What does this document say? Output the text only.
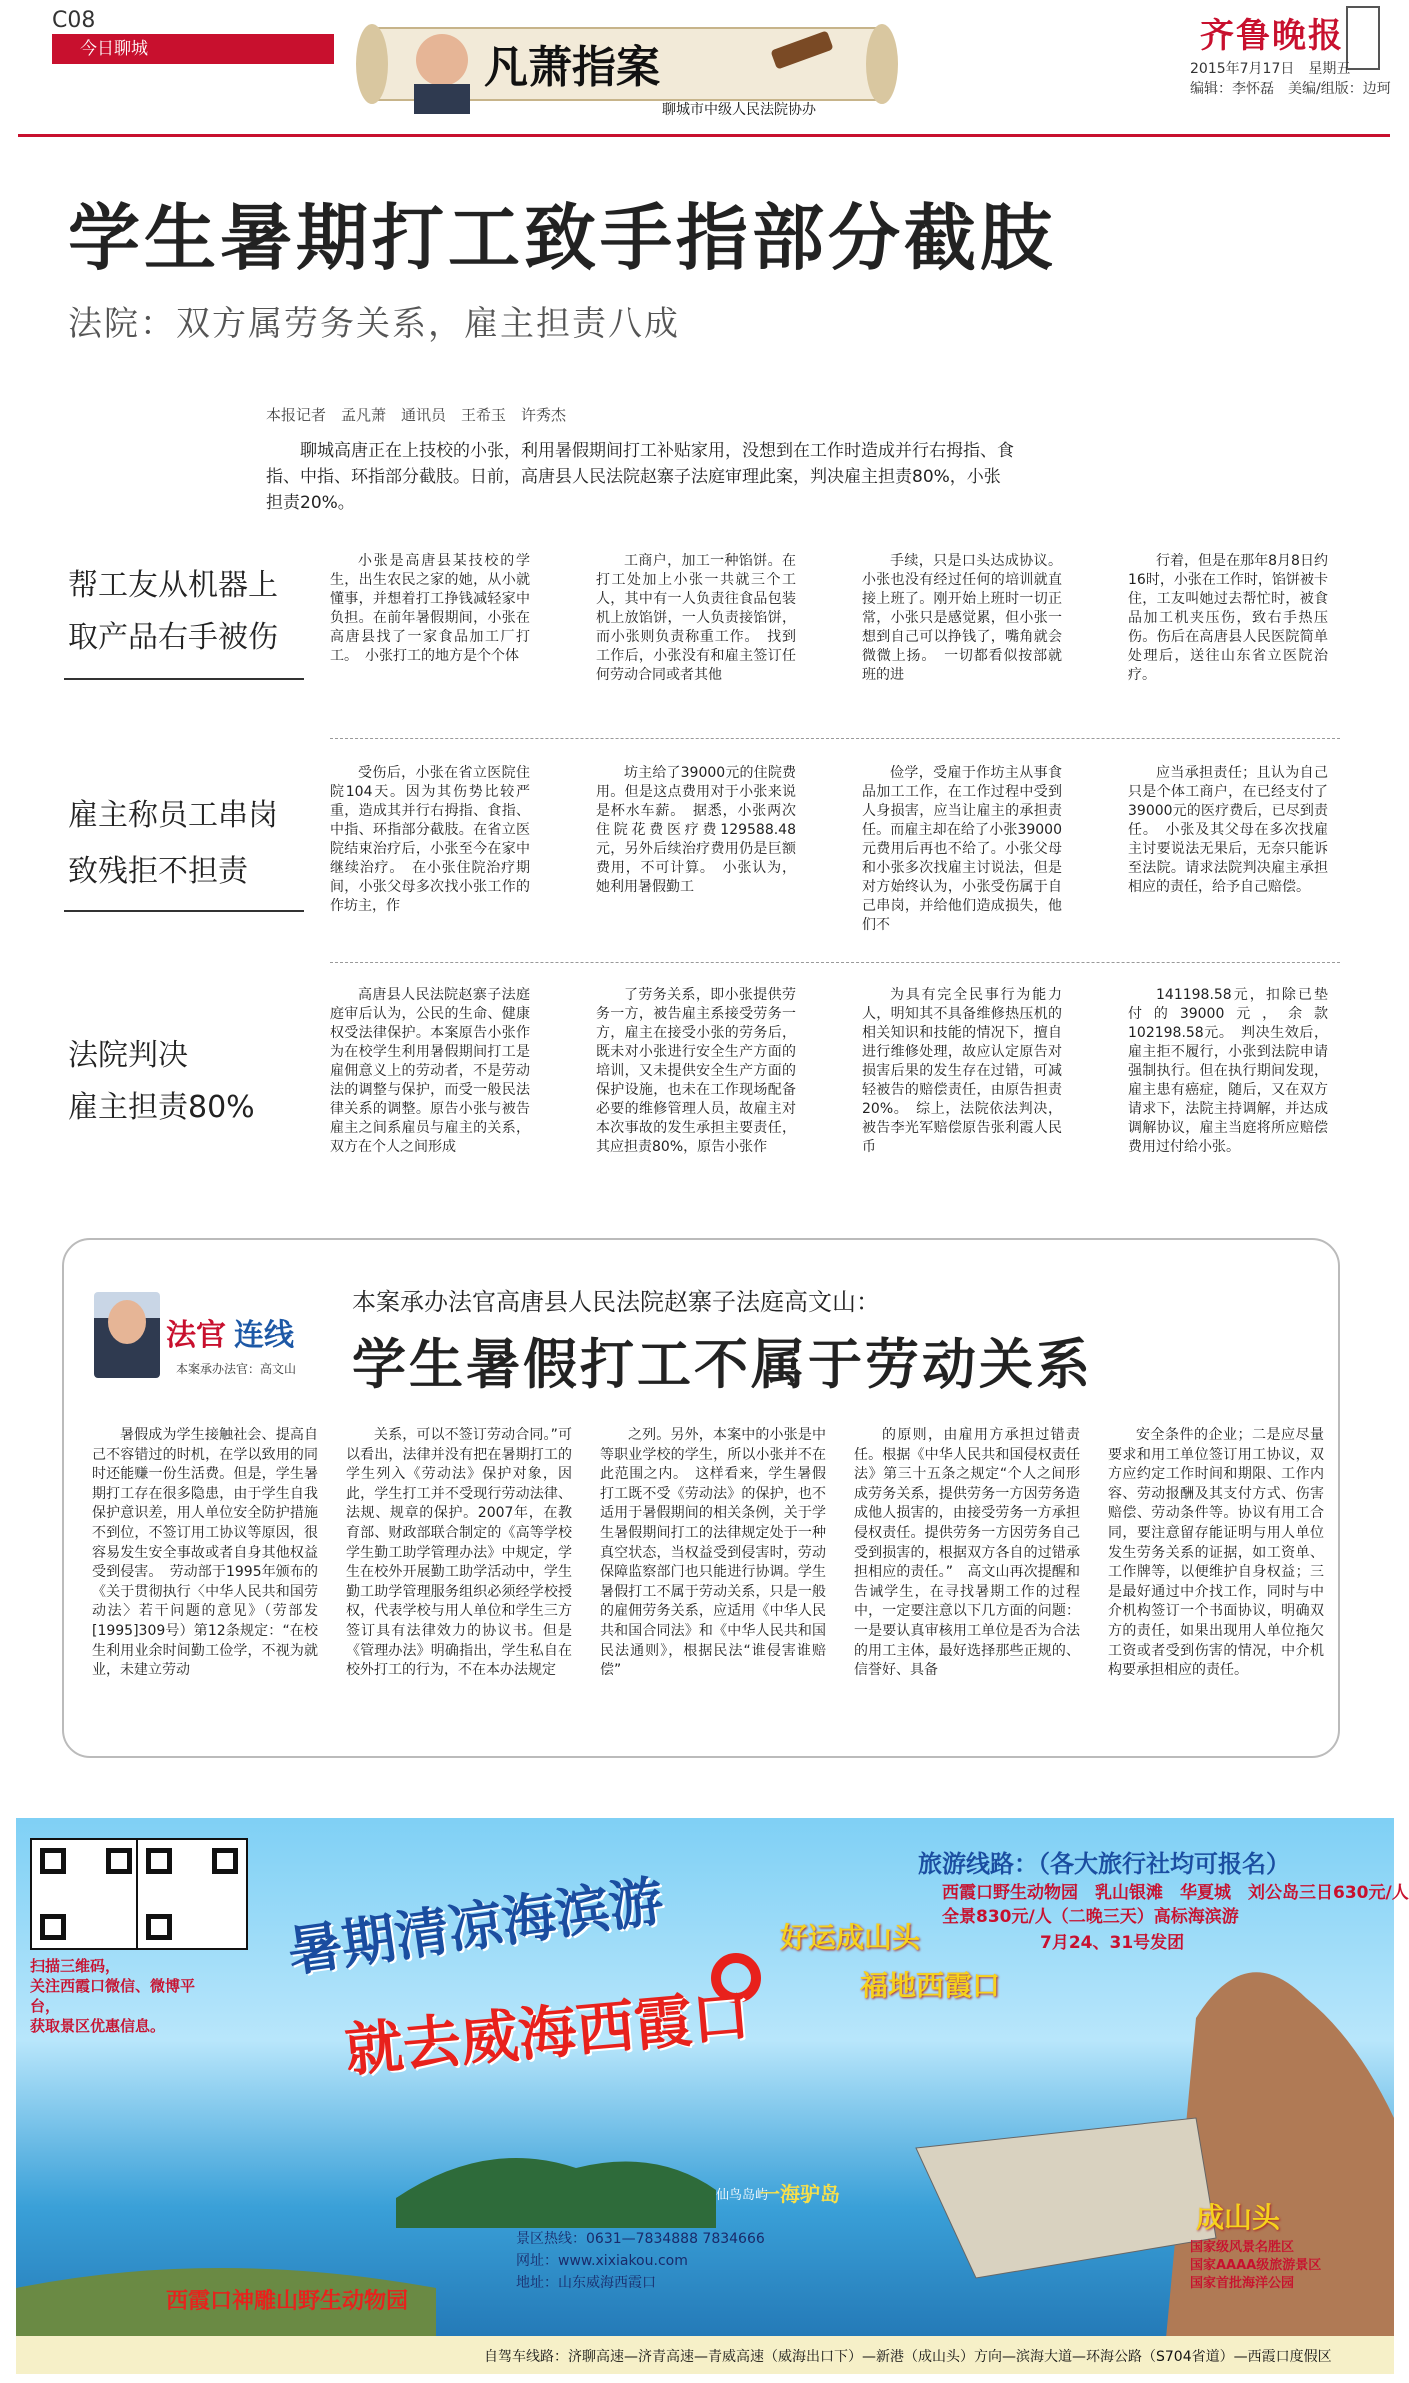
C08
今日聊城	凡萧指案
聊城市中级人民法院协办
齐鲁晚报
2015年7月17日　星期五
编辑：李怀磊　美编/组版：边珂
学生暑期打工致手指部分截肢
法院：双方属劳务关系，雇主担责八成
本报记者　孟凡萧　通讯员　王希玉　许秀杰
聊城高唐正在上技校的小张，利用暑假期间打工补贴家用，没想到在工作时造成并行右拇指、食指、中指、环指部分截肢。日前，高唐县人民法院赵寨子法庭审理此案，判决雇主担责80%，小张担责20%。
帮工友从机器上
取产品右手被伤

小张是高唐县某技校的学生，出生农民之家的她，从小就懂事，并想着打工挣钱减轻家中负担。在前年暑假期间，小张在高唐县找了一家食品加工厂打工。　小张打工的地方是个个体

工商户，加工一种馅饼。在打工处加上小张一共就三个工人，其中有一人负责往食品包装机上放馅饼，一人负责接馅饼，而小张则负责称重工作。　找到工作后，小张没有和雇主签订任何劳动合同或者其他

手续，只是口头达成协议。小张也没有经过任何的培训就直接上班了。刚开始上班时一切正常，小张只是感觉累，但小张一想到自己可以挣钱了，嘴角就会微微上扬。　一切都看似按部就班的进

行着，但是在那年8月8日约16时，小张在工作时，馅饼被卡住，工友叫她过去帮忙时，被食品加工机夹压伤，致右手热压伤。伤后在高唐县人民医院简单处理后，送往山东省立医院治疗。

雇主称员工串岗
致残拒不担责

受伤后，小张在省立医院住院104天。因为其伤势比较严重，造成其并行右拇指、食指、中指、环指部分截肢。在省立医院结束治疗后，小张至今在家中继续治疗。　在小张住院治疗期间，小张父母多次找小张工作的作坊主，作

坊主给了39000元的住院费用。但是这点费用对于小张来说是杯水车薪。　据悉，小张两次住院花费医疗费129588.48元，另外后续治疗费用仍是巨额费用，不可计算。　小张认为，她利用暑假勤工

俭学，受雇于作坊主从事食品加工工作，在工作过程中受到人身损害，应当让雇主的承担责任。而雇主却在给了小张39000元费用后再也不给了。小张父母和小张多次找雇主讨说法，但是对方始终认为，小张受伤属于自己串岗，并给他们造成损失，他们不

应当承担责任；且认为自己只是个体工商户，在已经支付了39000元的医疗费后，已尽到责任。　小张及其父母在多次找雇主讨要说法无果后，无奈只能诉至法院。请求法院判决雇主承担相应的责任，给予自己赔偿。

法院判决
雇主担责80%

高唐县人民法院赵寨子法庭庭审后认为，公民的生命、健康权受法律保护。本案原告小张作为在校学生利用暑假期间打工是雇佣意义上的劳动者，不是劳动法的调整与保护，而受一般民法律关系的调整。原告小张与被告雇主之间系雇员与雇主的关系，双方在个人之间形成

了劳务关系，即小张提供劳务一方，被告雇主系接受劳务一方，雇主在接受小张的劳务后，既未对小张进行安全生产方面的培训，又未提供安全生产方面的保护设施，也未在工作现场配备必要的维修管理人员，故雇主对本次事故的发生承担主要责任，其应担责80%，原告小张作

为具有完全民事行为能力人，明知其不具备维修热压机的相关知识和技能的情况下，擅自进行维修处理，故应认定原告对损害后果的发生存在过错，可减轻被告的赔偿责任，由原告担责20%。　综上，法院依法判决，被告李光军赔偿原告张利霞人民币

141198.58元，扣除已垫付的39000元，余款102198.58元。　判决生效后，雇主拒不履行，小张到法院申请强制执行。但在执行期间发现，雇主患有癌症，随后，又在双方请求下，法院主持调解，并达成调解协议，雇主当庭将所应赔偿费用过付给小张。

法官 连线
本案承办法官：高文山
本案承办法官高唐县人民法院赵寨子法庭高文山：
学生暑假打工不属于劳动关系

暑假成为学生接触社会、提高自己不容错过的时机，在学以致用的同时还能赚一份生活费。但是，学生暑期打工存在很多隐患，由于学生自我保护意识差，用人单位安全防护措施不到位，不签订用工协议等原因，很容易发生安全事故或者自身其他权益受到侵害。　劳动部于1995年颁布的《关于贯彻执行〈中华人民共和国劳动法〉若干问题的意见》（劳部发[1995]309号）第12条规定：“在校生利用业余时间勤工俭学，不视为就业，未建立劳动

关系，可以不签订劳动合同。”可以看出，法律并没有把在暑期打工的学生列入《劳动法》保护对象，因此，学生打工并不受现行劳动法律、法规、规章的保护。2007年，在教育部、财政部联合制定的《高等学校学生勤工助学管理办法》中规定，学生在校外开展勤工助学活动中，学生勤工助学管理服务组织必须经学校授权，代表学校与用人单位和学生三方签订具有法律效力的协议书。但是《管理办法》明确指出，学生私自在校外打工的行为，不在本办法规定

之列。另外，本案中的小张是中等职业学校的学生，所以小张并不在此范围之内。　这样看来，学生暑假打工既不受《劳动法》的保护，也不适用于暑假期间的相关条例，关于学生暑假期间打工的法律规定处于一种真空状态，当权益受到侵害时，劳动保障监察部门也只能进行协调。学生暑假打工不属于劳动关系，只是一般的雇佣劳务关系，应适用《中华人民共和国合同法》和《中华人民共和国民法通则》，根据民法“谁侵害谁赔偿”

的原则，由雇用方承担过错责任。根据《中华人民共和国侵权责任法》第三十五条之规定“个人之间形成劳务关系，提供劳务一方因劳务造成他人损害的，由接受劳务一方承担侵权责任。提供劳务一方因劳务自己受到损害的，根据双方各自的过错承担相应的责任。”　高文山再次提醒和告诫学生，在寻找暑期工作的过程中，一定要注意以下几方面的问题：一是要认真审核用工单位是否为合法的用工主体，最好选择那些正规的、信誉好、具备

安全条件的企业；二是应尽量要求和用工单位签订用工协议，双方应约定工作时间和期限、工作内容、劳动报酬及其支付方式、伤害赔偿、劳动条件等。协议有用工合同，要注意留存能证明与用人单位发生劳务关系的证据，如工资单、工作牌等，以便维护自身权益；三是最好通过中介找工作，同时与中介机构签订一个书面协议，明确双方的责任，如果出现用人单位拖欠工资或者受到伤害的情况，中介机构要承担相应的责任。

扫描三维码，
关注西霞口微信、微博平台，
获取景区优惠信息。
暑期清凉海滨游
就去威海西霞口
旅游线路：（各大旅行社均可报名）
西霞口野生动物园　乳山银滩　华夏城　刘公岛三日630元/人
全景830元/人（二晚三天）高标海滨游
7月24、31号发团
好运成山头
福地西霞口
仙鸟岛屿
一海驴岛
成山头
国家级风景名胜区
国家AAAA级旅游景区
国家首批海洋公园
景区热线：0631—7834888 7834666
网址：www.xixiakou.com
地址：山东威海西霞口
西霞口神雕山野生动物园
自驾车线路：济聊高速—济青高速—青威高速（威海出口下）—新港（成山头）方向—滨海大道—环海公路（S704省道）—西霞口度假区
